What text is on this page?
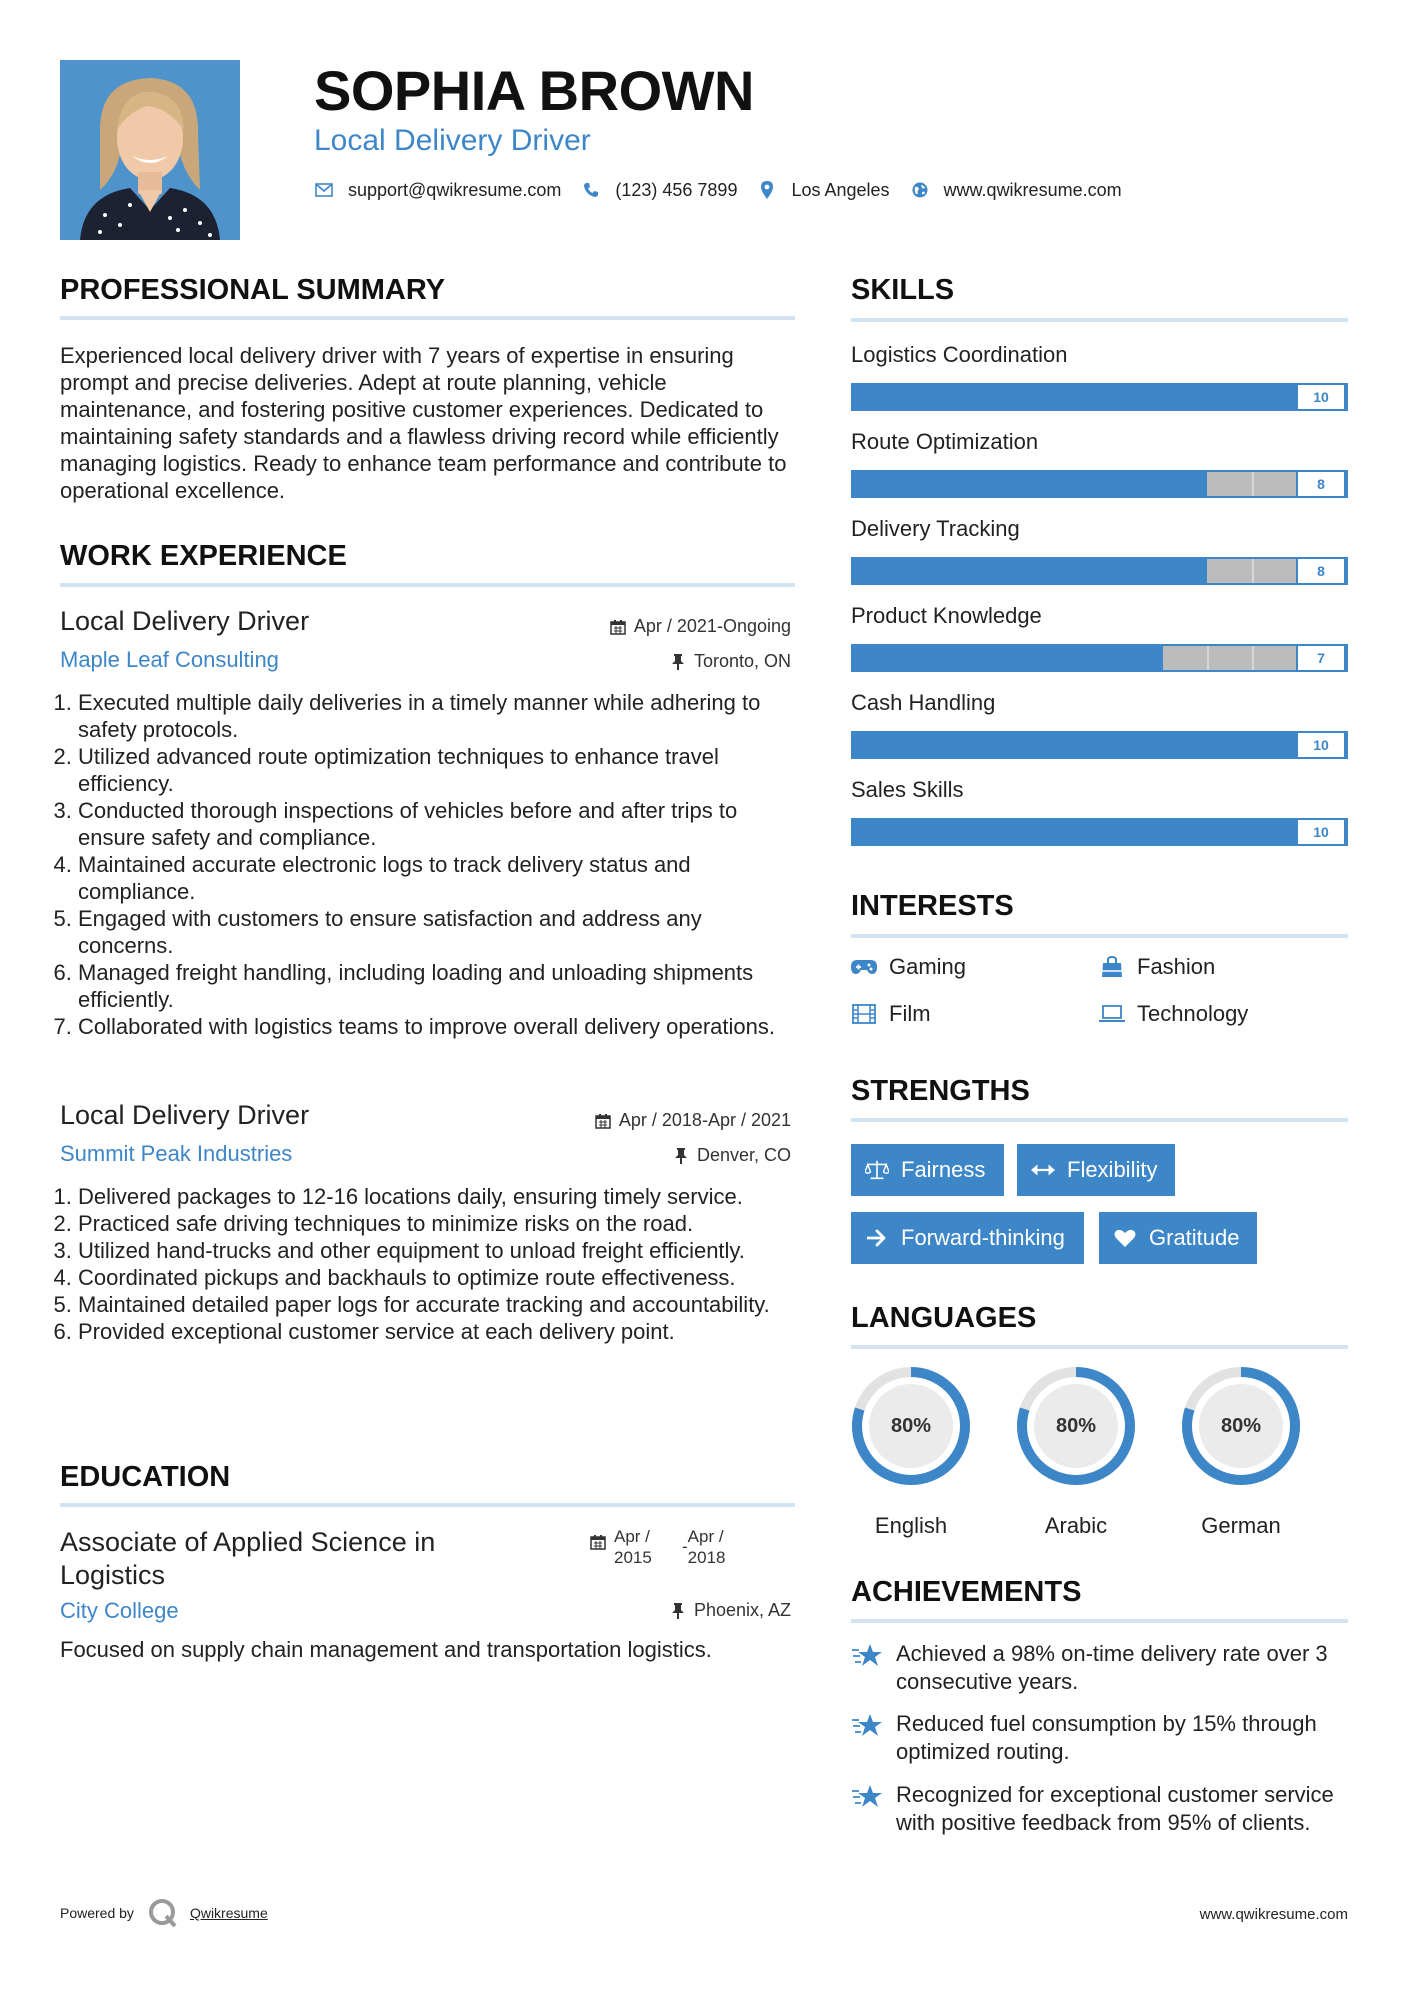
SOPHIA BROWN
Local Delivery Driver
support@qwikresume.com	(123) 456 7899	Los Angeles	www.qwikresume.com
PROFESSIONAL SUMMARY
Experienced local delivery driver with 7 years of expertise in ensuring prompt and precise deliveries. Adept at route planning, vehicle maintenance, and fostering positive customer experiences. Dedicated to maintaining safety standards and a flawless driving record while efficiently managing logistics. Ready to enhance team performance and contribute to operational excellence.
WORK EXPERIENCE
Local Delivery Driver
Maple Leaf Consulting
Apr / 2021-Ongoing
Toronto, ON
1. Executed multiple daily deliveries in a timely manner while adhering to safety protocols.
2. Utilized advanced route optimization techniques to enhance travel efficiency.
3. Conducted thorough inspections of vehicles before and after trips to ensure safety and compliance.
4. Maintained accurate electronic logs to track delivery status and compliance.
5. Engaged with customers to ensure satisfaction and address any concerns.
6. Managed freight handling, including loading and unloading shipments efficiently.
7. Collaborated with logistics teams to improve overall delivery operations.
Local Delivery Driver
Summit Peak Industries
Apr / 2018-Apr / 2021
Denver, CO
1. Delivered packages to 12-16 locations daily, ensuring timely service.
2. Practiced safe driving techniques to minimize risks on the road.
3. Utilized hand-trucks and other equipment to unload freight efficiently.
4. Coordinated pickups and backhauls to optimize route effectiveness.
5. Maintained detailed paper logs for accurate tracking and accountability.
6. Provided exceptional customer service at each delivery point.
EDUCATION
Associate of Applied Science in Logistics
City College
Apr / 2015
-
Apr / 2018
Phoenix, AZ
Focused on supply chain management and transportation logistics.
SKILLS
Logistics Coordination
10
Route Optimization
8
Delivery Tracking
8
Product Knowledge
7
Cash Handling
10
Sales Skills
10
INTERESTS
Gaming	Fashion
Film	Technology
STRENGTHS
Fairness	Flexibility
Forward-thinking	Gratitude
LANGUAGES
80%
English
80%
Arabic
80%
German
ACHIEVEMENTS
Achieved a 98% on-time delivery rate over 3 consecutive years.
Reduced fuel consumption by 15% through optimized routing.
Recognized for exceptional customer service with positive feedback from 95% of clients.
Powered by	Qwikresume	www.qwikresume.com
